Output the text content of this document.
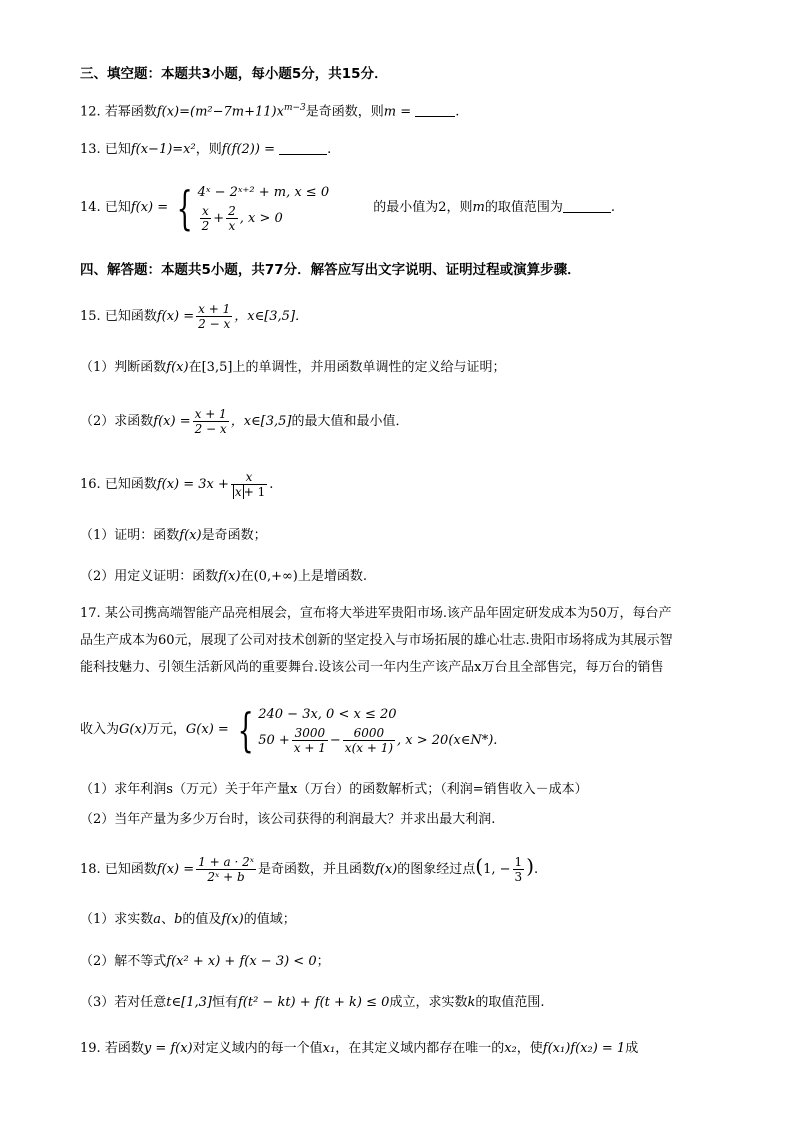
三、填空题：本题共3小题，每小题5分，共15分．
12. 若幂函数$f(x)=(m^2-7m+11)x^{m-3}$是奇函数，则m =	.
13. 已知f(x−1)=x²，则f(f(2)) =	.
14. 已知f(x) = { 4ˣ − 2ˣ⁺² + m, x ≤ 0
$\frac{x}{2} + \frac{2}{x}$ , x > 0
的最小值为2，则m的取值范围为	.
四、解答题：本题共5小题，共77分．解答应写出文字说明、证明过程或演算步骤．
15. 已知函数$f(x) = \frac{x + 1}{2 - x}$ ，x∈[3,5]．
（1）判断函数f(x)在[3,5]上的单调性，并用函数单调性的定义给与证明；
（2）求函数$f(x) = \frac{x + 1}{2 - x}$ ，x∈[3,5]的最大值和最小值．
16. 已知函数$f(x) = 3x + \frac{x}{x + 1}$ .
（1）证明：函数f(x)是奇函数；
（2）用定义证明：函数f(x)在(0,+∞)上是增函数.
17. 某公司携高端智能产品亮相展会，宣布将大举进军贵阳市场.该产品年固定研发成本为50万，每台产
品生产成本为60元，展现了公司对技术创新的坚定投入与市场拓展的雄心壮志.贵阳市场将成为其展示智
能科技魅力、引领生活新风尚的重要舞台.设该公司一年内生产该产品x万台且全部售完，每万台的销售
收入为G(x)万元，G(x) = { 240 − 3x, 0 < x ≤ 20
$50 + \frac{3000}{x + 1} - \frac{6000}{x(x + 1)}$ , x > 20(x∈N*).
（1）求年利润s（万元）关于年产量x（万台）的函数解析式；（利润=销售收入－成本）
（2）当年产量为多少万台时，该公司获得的利润最大？并求出最大利润.
18. 已知函数$f(x) = \frac{\text{1 + a · 2ˣ}}{\text{2ˣ + b}}$ 是奇函数，并且函数f(x)的图象经过点(1, − $\frac{1}{3}$ ).
（1）求实数a、b的值及f(x)的值域；
（2）解不等式f(x² + x) + f(x − 3) < 0；
（3）若对任意t∈[1,3]恒有f(t² − kt) + f(t + k) ≤ 0成立，求实数k的取值范围.
19. 若函数y = f(x)对定义域内的每一个值x₁，在其定义域内都存在唯一的x₂，使f(x₁)f(x₂) = 1成
